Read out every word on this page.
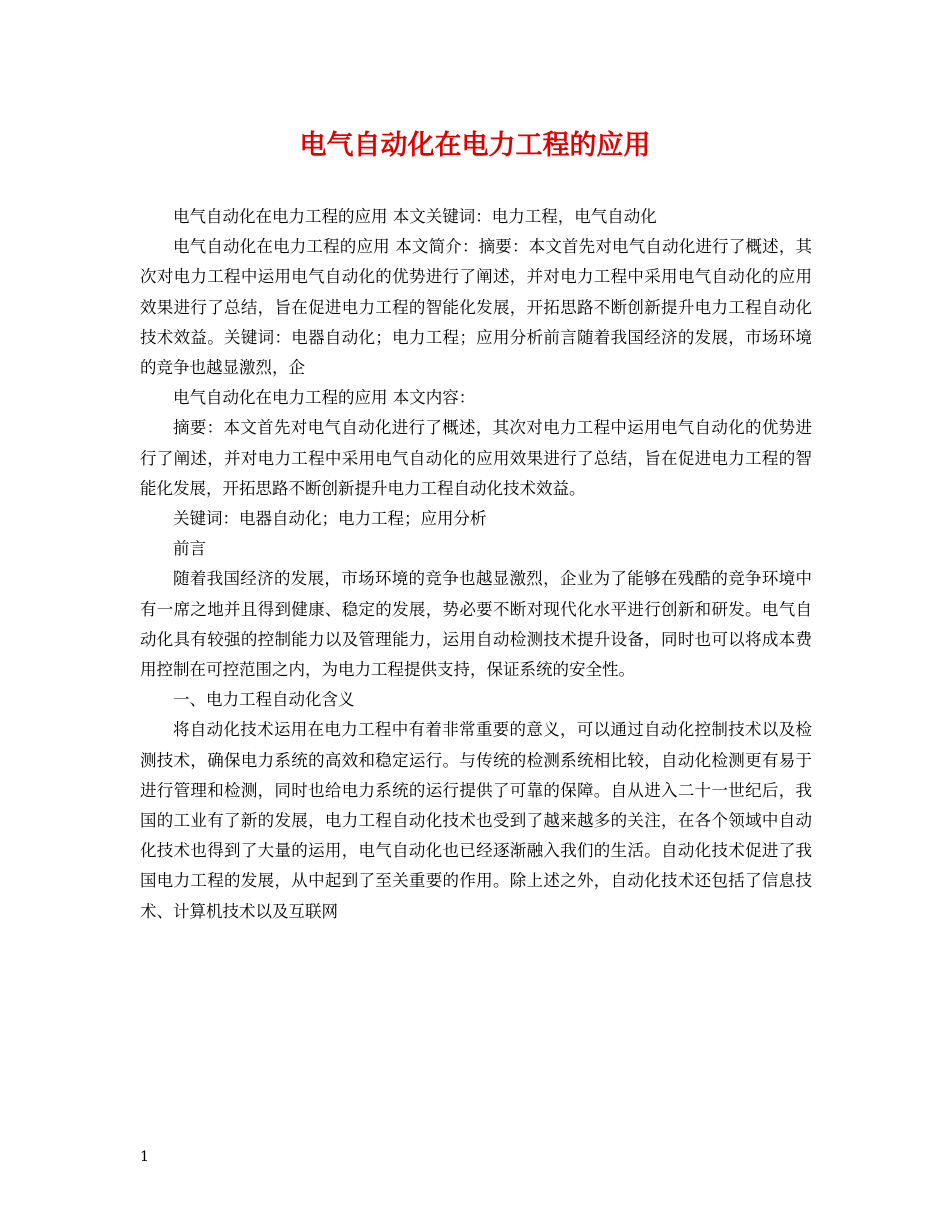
电气自动化在电力工程的应用

电气自动化在电力工程的应用 本文关键词：电力工程，电气自动化

电气自动化在电力工程的应用 本文简介：摘要：本文首先对电气自动化进行了概述，其次对电力工程中运用电气自动化的优势进行了阐述，并对电力工程中采用电气自动化的应用效果进行了总结，旨在促进电力工程的智能化发展，开拓思路不断创新提升电力工程自动化技术效益。关键词：电器自动化；电力工程；应用分析前言随着我国经济的发展，市场环境的竞争也越显激烈，企

电气自动化在电力工程的应用 本文内容：

摘要：本文首先对电气自动化进行了概述，其次对电力工程中运用电气自动化的优势进行了阐述，并对电力工程中采用电气自动化的应用效果进行了总结，旨在促进电力工程的智能化发展，开拓思路不断创新提升电力工程自动化技术效益。

关键词：电器自动化；电力工程；应用分析

前言

随着我国经济的发展，市场环境的竞争也越显激烈，企业为了能够在残酷的竞争环境中有一席之地并且得到健康、稳定的发展，势必要不断对现代化水平进行创新和研发。电气自动化具有较强的控制能力以及管理能力，运用自动检测技术提升设备，同时也可以将成本费用控制在可控范围之内，为电力工程提供支持，保证系统的安全性。

一、电力工程自动化含义

将自动化技术运用在电力工程中有着非常重要的意义，可以通过自动化控制技术以及检测技术，确保电力系统的高效和稳定运行。与传统的检测系统相比较，自动化检测更有易于进行管理和检测，同时也给电力系统的运行提供了可靠的保障。自从进入二十一世纪后，我国的工业有了新的发展，电力工程自动化技术也受到了越来越多的关注，在各个领域中自动化技术也得到了大量的运用，电气自动化也已经逐渐融入我们的生活。自动化技术促进了我国电力工程的发展，从中起到了至关重要的作用。除上述之外，自动化技术还包括了信息技术、计算机技术以及互联网

1
